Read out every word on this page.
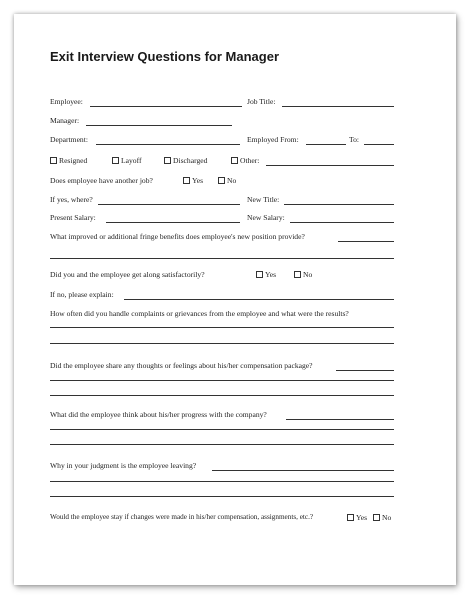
Exit Interview Questions for Manager
Employee:	Job Title:
Manager:
Department:	Employed From:	To:
Resigned	Layoff	Discharged	Other:
Does employee have another job?	Yes	No
If yes, where?	New Title:
Present Salary:	New Salary:
What improved or additional fringe benefits does employee's new position provide?
Did you and the employee get along satisfactorily?	Yes	No
If no, please explain:
How often did you handle complaints or grievances from the employee and what were the results?
Did the employee share any thoughts or feelings about his/her compensation package?
What did the employee think about his/her progress with the company?
Why in your judgment is the employee leaving?
Would the employee stay if changes were made in his/her compensation, assignments, etc.?	Yes	No
